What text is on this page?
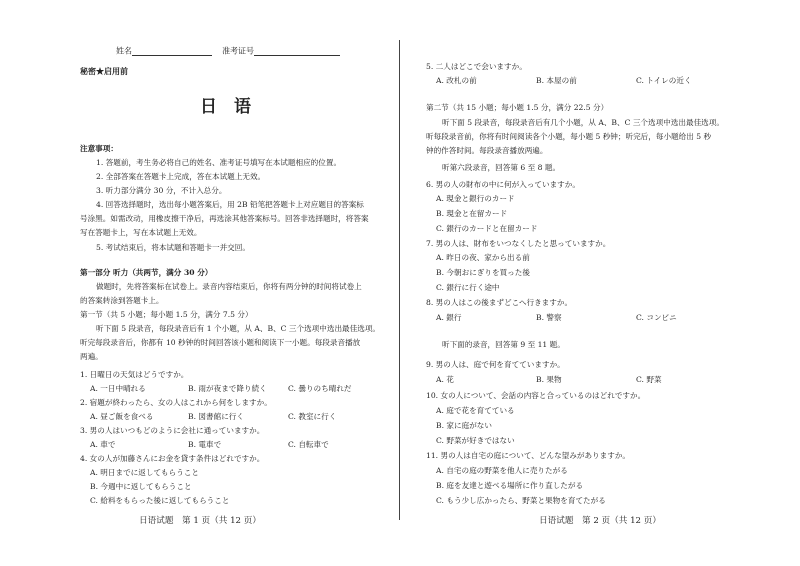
姓名	准考证号
秘密★启用前
日　语
注意事项：
1. 答题前，考生务必将自己的姓名、准考证号填写在本试题相应的位置。
2. 全部答案在答题卡上完成，答在本试题上无效。
3. 听力部分满分 30 分，不计入总分。
4. 回答选择题时，选出每小题答案后，用 2B 铅笔把答题卡上对应题目的答案标
号涂黑。如需改动，用橡皮擦干净后，再选涂其他答案标号。回答非选择题时，将答案
写在答题卡上，写在本试题上无效。
5. 考试结束后，将本试题和答题卡一并交回。
第一部分 听力（共两节，满分 30 分）
做题时，先将答案标在试卷上。录音内容结束后，你将有两分钟的时间将试卷上
的答案转涂到答题卡上。
第一节（共 5 小题；每小题 1.5 分，满分 7.5 分）
听下面 5 段录音，每段录音后有 1 个小题，从 A、B、C 三个选项中选出最佳选项。
听完每段录音后，你都有 10 秒钟的时间回答该小题和阅读下一小题。每段录音播放
两遍。
1. 日曜日の天気はどうですか。
A. 一日中晴れる	B. 雨が夜まで降り続く	C. 曇りのち晴れだ
2. 宿題が終わったら、女の人はこれから何をしますか。
A. 昼ご飯を食べる	B. 図書館に行く	C. 教室に行く
3. 男の人はいつもどのように会社に通っていますか。
A. 車で	B. 電車で	C. 自転車で
4. 女の人が加藤さんにお金を貸す条件はどれですか。
A. 明日までに返してもらうこと
B. 今週中に返してもらうこと
C. 給料をもらった後に返してもらうこと
日语试题　第 1 页（共 12 页）
5. 二人はどこで会いますか。
A. 改札の前	B. 本屋の前	C. トイレの近く
第二节（共 15 小题；每小题 1.5 分，满分 22.5 分）
听下面 5 段录音，每段录音后有几个小题，从 A、B、C 三个选项中选出最佳选项。
听每段录音前，你将有时间阅读各个小题，每小题 5 秒钟；听完后，每小题给出 5 秒
钟的作答时间。每段录音播放两遍。
听第六段录音，回答第 6 至 8 题。
6. 男の人の財布の中に何が入っていますか。
A. 現金と銀行のカード
B. 現金と在留カード
C. 銀行のカードと在留カード
7. 男の人は、財布をいつなくしたと思っていますか。
A. 昨日の夜、家から出る前
B. 今朝おにぎりを買った後
C. 銀行に行く途中
8. 男の人はこの後まずどこへ行きますか。
A. 銀行	B. 警察	C. コンビニ
听下面的录音，回答第 9 至 11 题。
9. 男の人は、庭で何を育てていますか。
A. 花	B. 果物	C. 野菜
10. 女の人について、会話の内容と合っているのはどれですか。
A. 庭で花を育てている
B. 家に庭がない
C. 野菜が好きではない
11. 男の人は自宅の庭について、どんな望みがありますか。
A. 自宅の庭の野菜を他人に売りたがる
B. 庭を友達と遊べる場所に作り直したがる
C. もう少し広かったら、野菜と果物を育てたがる
日语试题　第 2 页（共 12 页）
